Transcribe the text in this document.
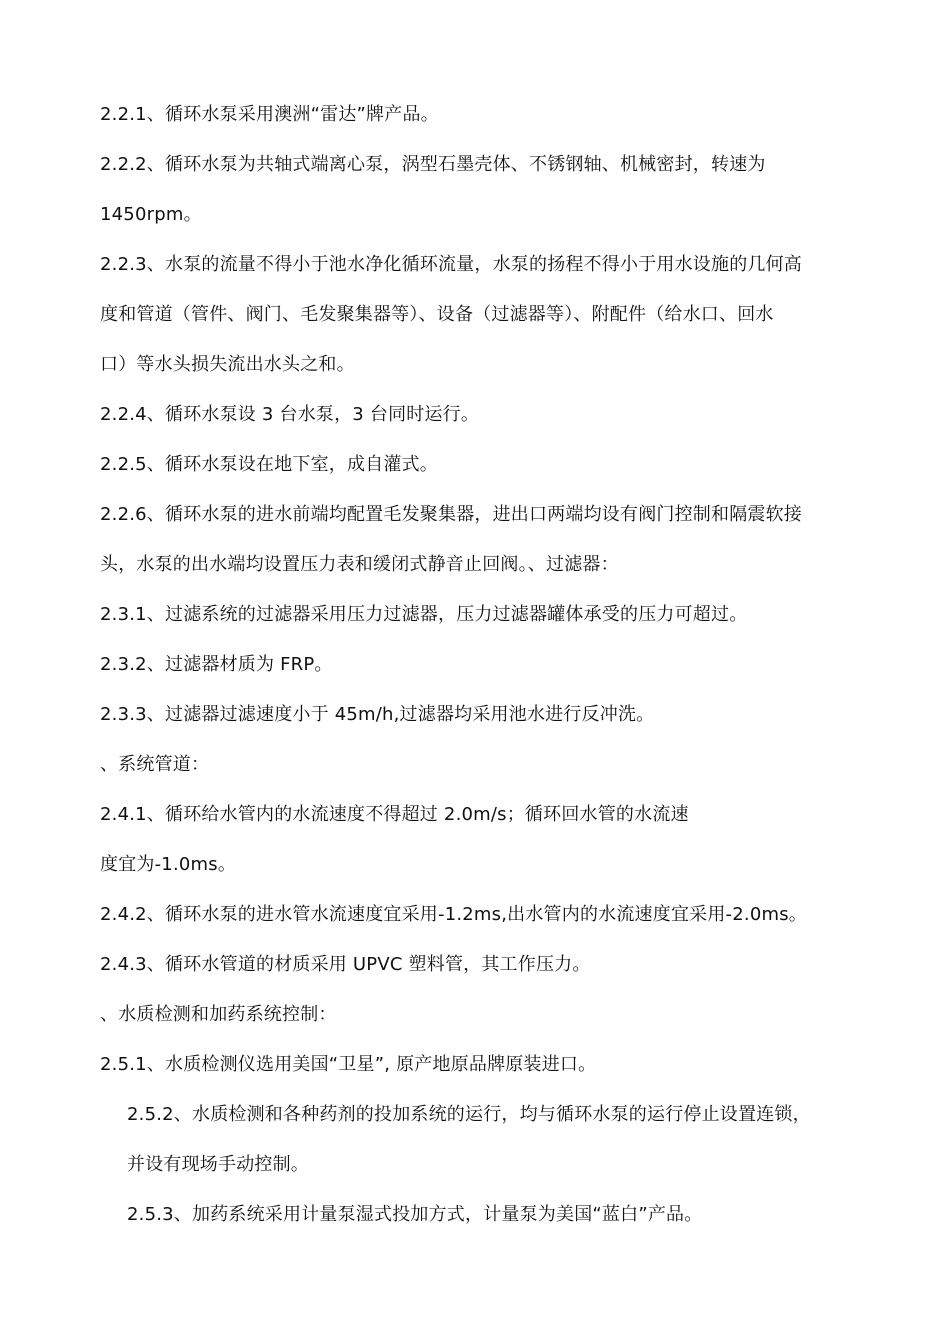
2.2.1、循环水泵采用澳洲“雷达”牌产品。
2.2.2、循环水泵为共轴式端离心泵，涡型石墨壳体、不锈钢轴、机械密封，转速为
1450rpm。
2.2.3、水泵的流量不得小于池水净化循环流量，水泵的扬程不得小于用水设施的几何高
度和管道（管件、阀门、毛发聚集器等）、设备（过滤器等）、附配件（给水口、回水
口）等水头损失流出水头之和。
2.2.4、循环水泵设 3 台水泵，3 台同时运行。
2.2.5、循环水泵设在地下室，成自灌式。
2.2.6、循环水泵的进水前端均配置毛发聚集器，进出口两端均设有阀门控制和隔震软接
头，水泵的出水端均设置压力表和缓闭式静音止回阀。、过滤器：
2.3.1、过滤系统的过滤器采用压力过滤器，压力过滤器罐体承受的压力可超过。
2.3.2、过滤器材质为 FRP。
2.3.3、过滤器过滤速度小于 45m/h,过滤器均采用池水进行反冲洗。
、系统管道：
2.4.1、循环给水管内的水流速度不得超过 2.0m/s；循环回水管的水流速
度宜为-1.0ms。
2.4.2、循环水泵的进水管水流速度宜采用-1.2ms,出水管内的水流速度宜采用-2.0ms。
2.4.3、循环水管道的材质采用 UPVC 塑料管，其工作压力。
、水质检测和加药系统控制：
2.5.1、水质检测仪选用美国“卫星”, 原产地原品牌原装进口。
2.5.2、水质检测和各种药剂的投加系统的运行，均与循环水泵的运行停止设置连锁，
并设有现场手动控制。
2.5.3、加药系统采用计量泵湿式投加方式，计量泵为美国“蓝白”产品。
